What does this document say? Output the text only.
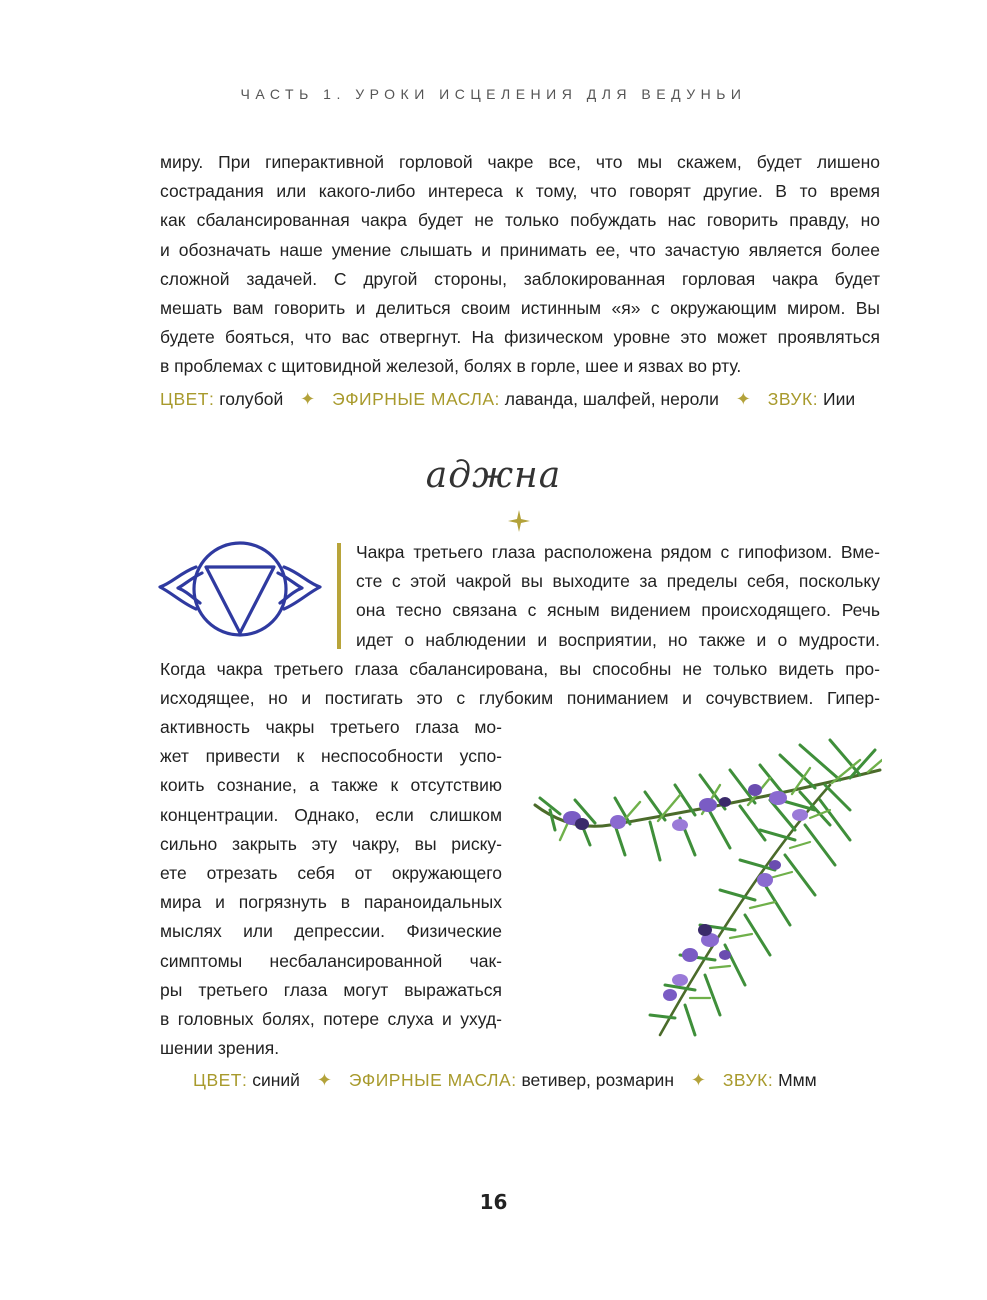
ЧАСТЬ 1. УРОКИ ИСЦЕЛЕНИЯ ДЛЯ ВЕДУНЬИ
миру. При гиперактивной горловой чакре все, что мы скажем, будет лишено
сострадания или какого-либо интереса к тому, что говорят другие. В то время
как сбалансированная чакра будет не только побуждать нас говорить правду, но
и обозначать наше умение слышать и принимать ее, что зачастую является более
сложной задачей. С другой стороны, заблокированная горловая чакра будет
мешать вам говорить и делиться своим истинным «я» с окружающим миром. Вы
будете бояться, что вас отвергнут. На физическом уровне это может проявляться
в проблемах с щитовидной железой, болях в горле, шее и язвах во рту.
ЦВЕТ: голубой ✦ ЭФИРНЫЕ МАСЛА: лаванда, шалфей, нероли ✦ ЗВУК: Иии
аджна
Чакра третьего глаза расположена рядом с гипофизом. Вме-
сте с этой чакрой вы выходите за пределы себя, поскольку
она тесно связана с ясным видением происходящего. Речь
идет о наблюдении и восприятии, но также и о мудрости.
Когда чакра третьего глаза сбалансирована, вы способны не только видеть про-
исходящее, но и постигать это с глубоким пониманием и сочувствием. Гипер-
активность чакры третьего глаза мо-
жет привести к неспособности успо-
коить сознание, а также к отсутствию
концентрации. Однако, если слишком
сильно закрыть эту чакру, вы риску-
ете отрезать себя от окружающего
мира и погрязнуть в параноидальных
мыслях или депрессии. Физические
симптомы несбалансированной чак-
ры третьего глаза могут выражаться
в головных болях, потере слуха и ухуд-
шении зрения.
ЦВЕТ: синий ✦ ЭФИРНЫЕ МАСЛА: ветивер, розмарин ✦ ЗВУК: Ммм
16
